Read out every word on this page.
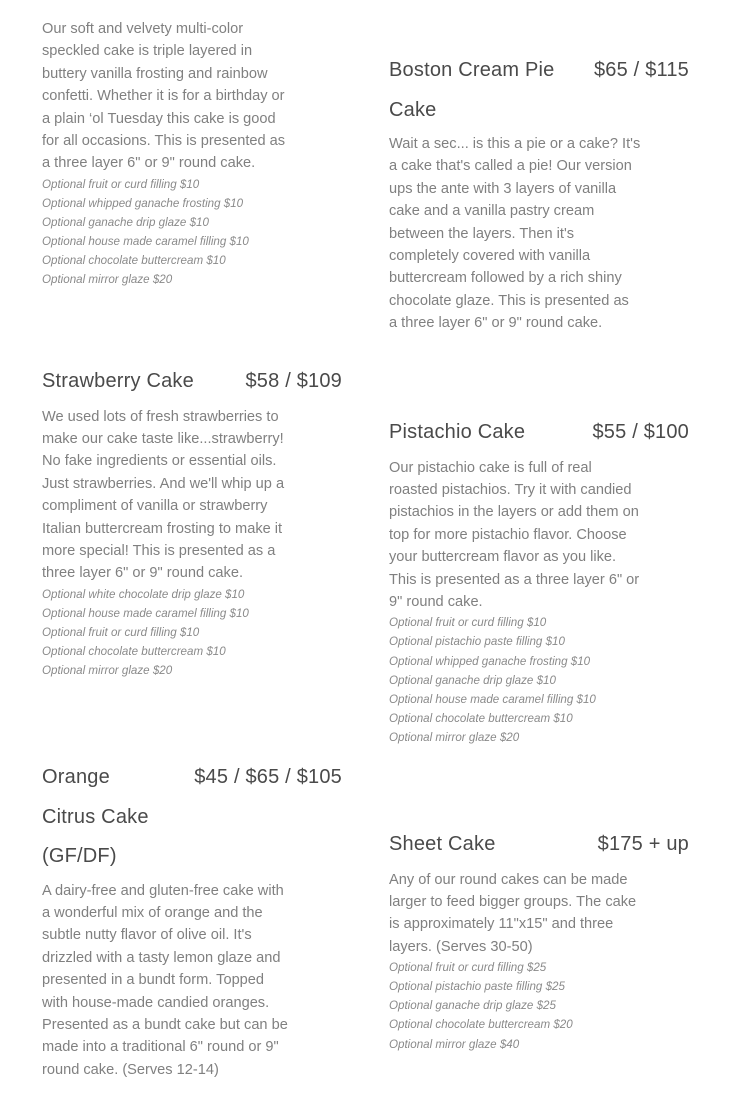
Our soft and velvety multi-color speckled cake is triple layered in buttery vanilla frosting and rainbow confetti. Whether it is for a birthday or a plain ‘ol Tuesday this cake is good for all occasions. This is presented as a three layer 6" or 9" round cake.

Optional fruit or curd filling $10
Optional whipped ganache frosting $10
Optional ganache drip glaze $10
Optional house made caramel filling $10
Optional chocolate buttercream $10
Optional mirror glaze $20
Boston Cream Pie Cake
$65 / $115

Wait a sec... is this a pie or a cake? It's a cake that's called a pie! Our version ups the ante with 3 layers of vanilla cake and a vanilla pastry cream between the layers. Then it's completely covered with vanilla buttercream followed by a rich shiny chocolate glaze. This is presented as a three layer 6" or 9" round cake.

Strawberry Cake	$58 / $109

We used lots of fresh strawberries to make our cake taste like...strawberry! No fake ingredients or essential oils. Just strawberries. And we'll whip up a compliment of vanilla or strawberry Italian buttercream frosting to make it more special! This is presented as a three layer 6" or 9" round cake.

Optional white chocolate drip glaze $10
Optional house made caramel filling $10
Optional fruit or curd filling $10
Optional chocolate buttercream $10
Optional mirror glaze $20
Pistachio Cake	$55 / $100

Our pistachio cake is full of real roasted pistachios. Try it with candied pistachios in the layers or add them on top for more pistachio flavor. Choose your buttercream flavor as you like. This is presented as a three layer 6" or 9" round cake.

Optional fruit or curd filling $10
Optional pistachio paste filling $10
Optional whipped ganache frosting $10
Optional ganache drip glaze $10
Optional house made caramel filling $10
Optional chocolate buttercream $10
Optional mirror glaze $20
Orange Citrus Cake (GF/DF)
$45 / $65 / $105

A dairy-free and gluten-free cake with a wonderful mix of orange and the subtle nutty flavor of olive oil. It's drizzled with a tasty lemon glaze and presented in a bundt form. Topped with house-made candied oranges. Presented as a bundt cake but can be made into a traditional 6" round or 9" round cake. (Serves 12-14)

Sheet Cake	$175 + up

Any of our round cakes can be made larger to feed bigger groups. The cake is approximately 11"x15" and three layers. (Serves 30-50)

Optional fruit or curd filling $25
Optional pistachio paste filling $25
Optional ganache drip glaze $25
Optional chocolate buttercream $20
Optional mirror glaze $40
